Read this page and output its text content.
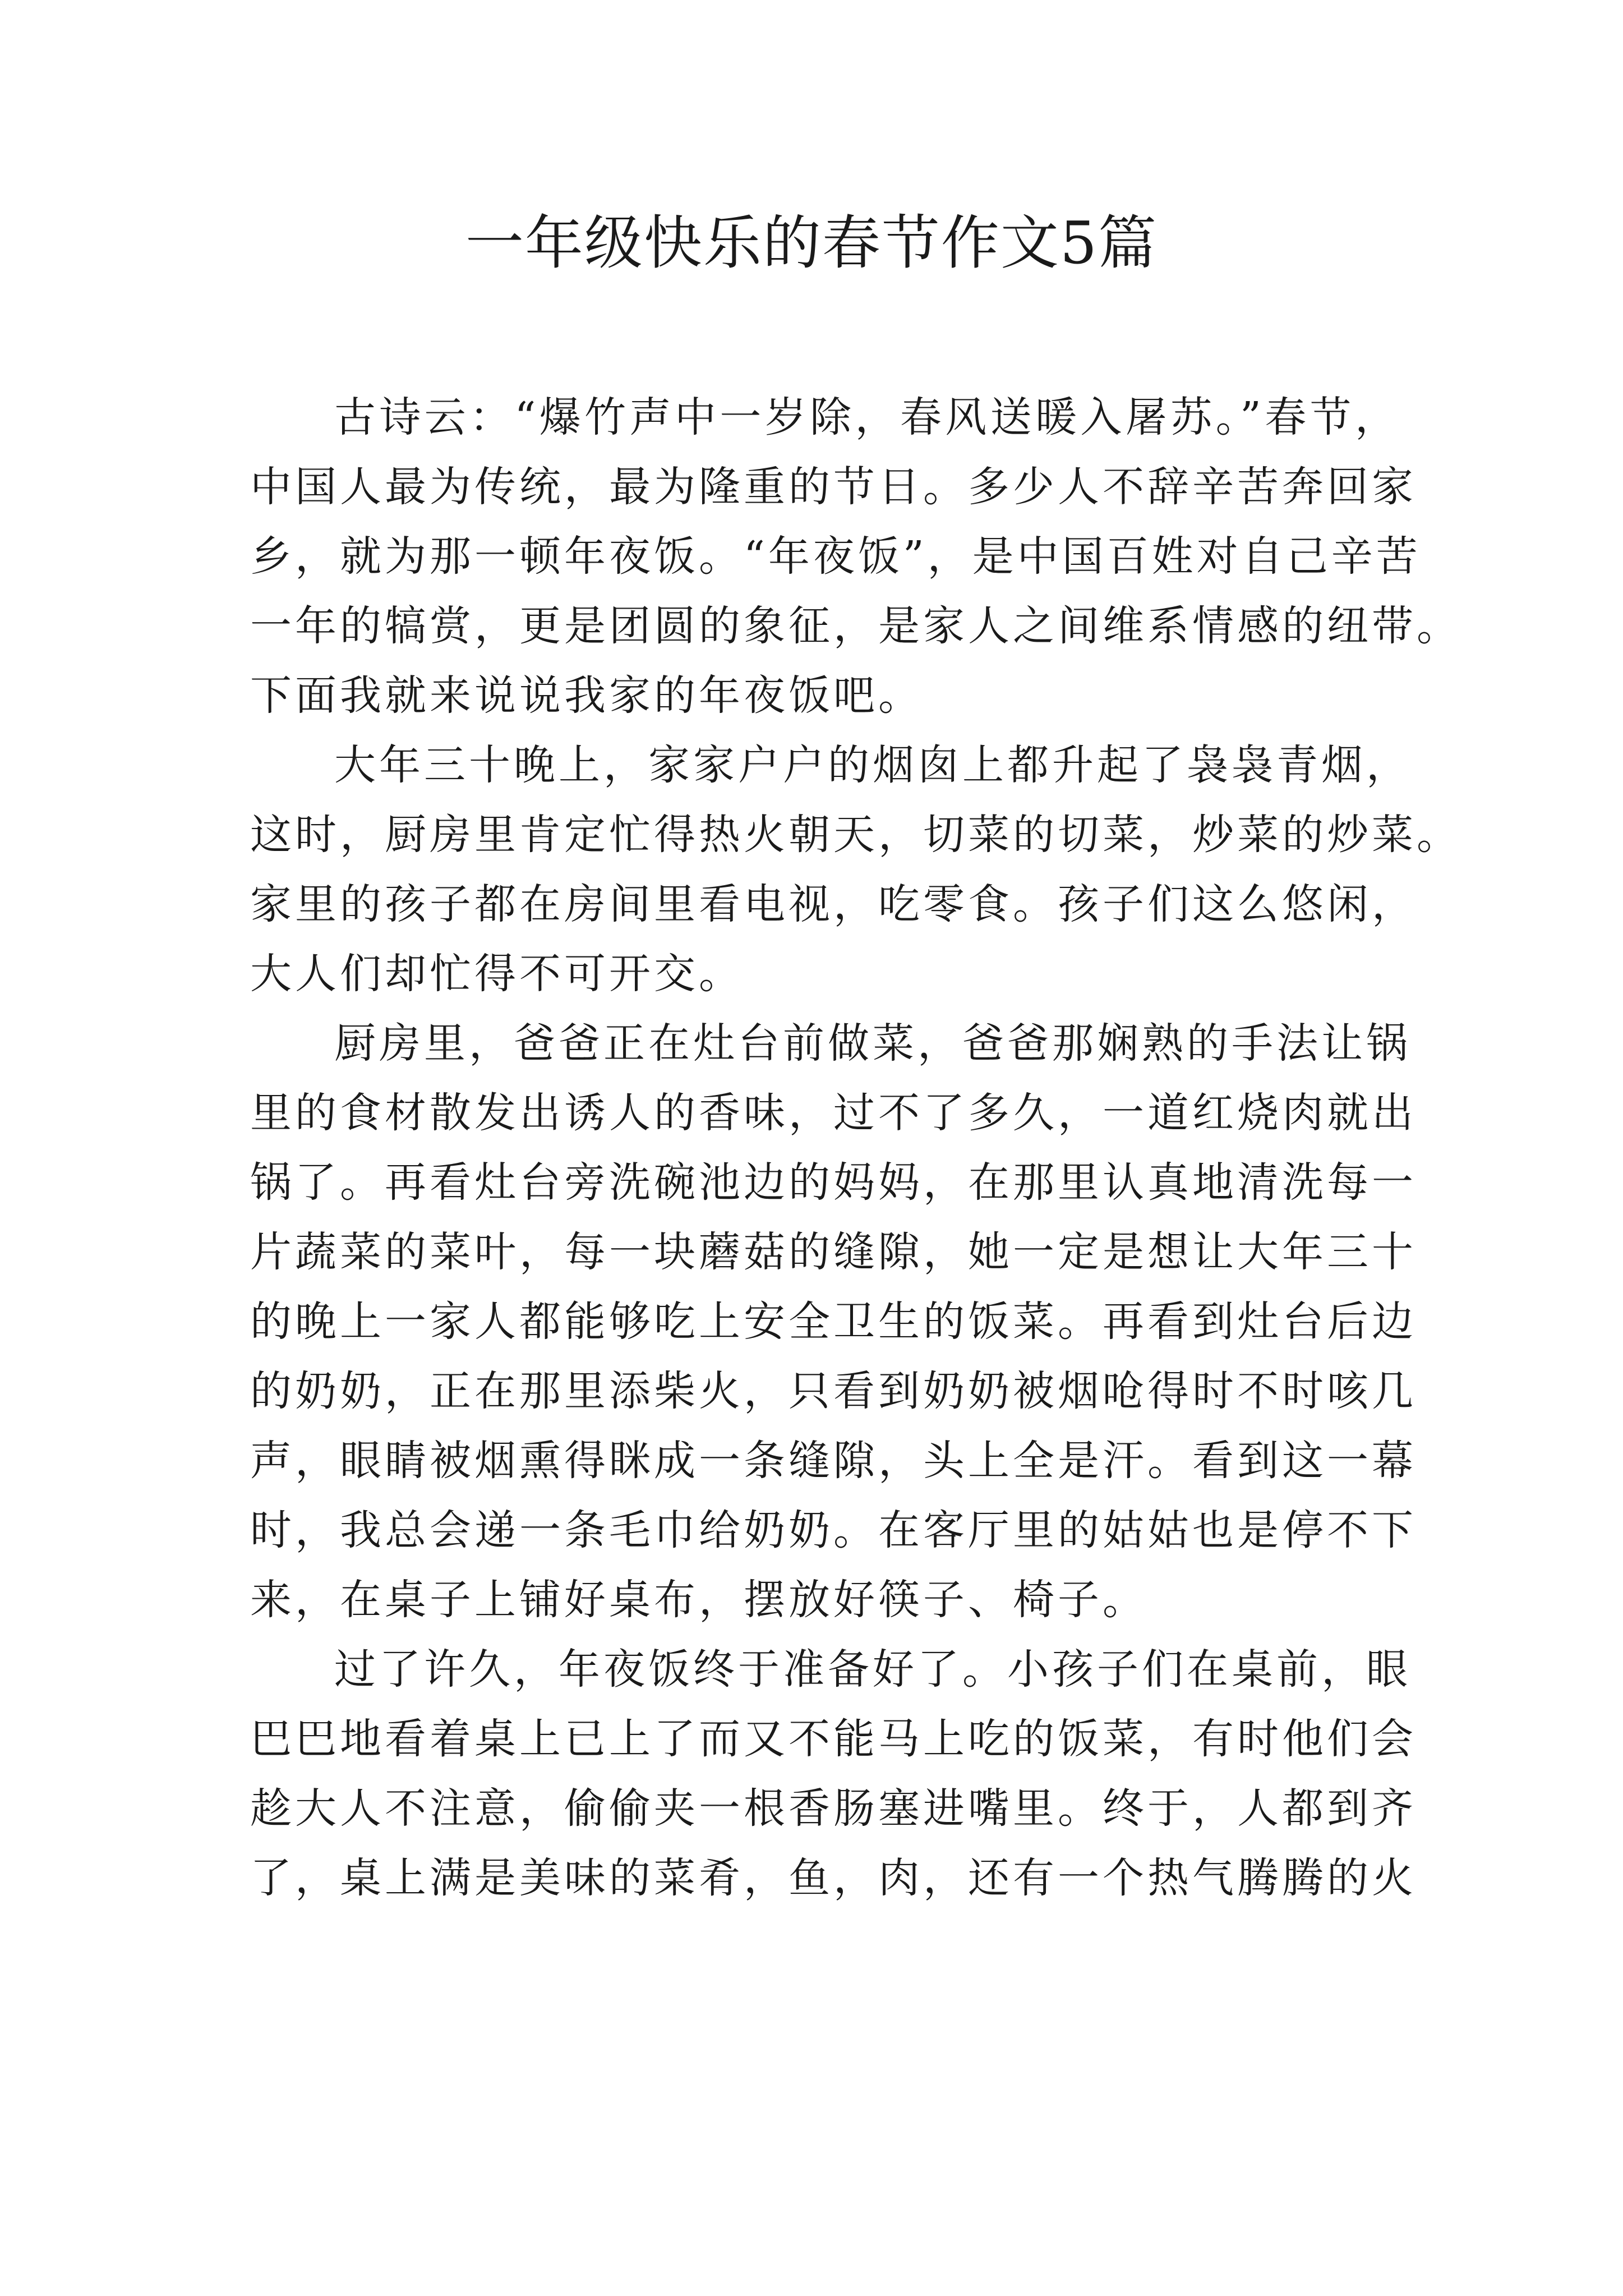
一年级快乐的春节作文5篇
古诗云：“爆竹声中一岁除，春风送暖入屠苏。”春节，
中国人最为传统，最为隆重的节日。多少人不辞辛苦奔回家
乡，就为那一顿年夜饭。“年夜饭”，是中国百姓对自己辛苦
一年的犒赏，更是团圆的象征，是家人之间维系情感的纽带。
下面我就来说说我家的年夜饭吧。
大年三十晚上，家家户户的烟囱上都升起了袅袅青烟，
这时，厨房里肯定忙得热火朝天，切菜的切菜，炒菜的炒菜。
家里的孩子都在房间里看电视，吃零食。孩子们这么悠闲，
大人们却忙得不可开交。
厨房里，爸爸正在灶台前做菜，爸爸那娴熟的手法让锅
里的食材散发出诱人的香味，过不了多久，一道红烧肉就出
锅了。再看灶台旁洗碗池边的妈妈，在那里认真地清洗每一
片蔬菜的菜叶，每一块蘑菇的缝隙，她一定是想让大年三十
的晚上一家人都能够吃上安全卫生的饭菜。再看到灶台后边
的奶奶，正在那里添柴火，只看到奶奶被烟呛得时不时咳几
声，眼睛被烟熏得眯成一条缝隙，头上全是汗。看到这一幕
时，我总会递一条毛巾给奶奶。在客厅里的姑姑也是停不下
来，在桌子上铺好桌布，摆放好筷子、椅子。
过了许久，年夜饭终于准备好了。小孩子们在桌前，眼
巴巴地看着桌上已上了而又不能马上吃的饭菜，有时他们会
趁大人不注意，偷偷夹一根香肠塞进嘴里。终于，人都到齐
了，桌上满是美味的菜肴，鱼，肉，还有一个热气腾腾的火
